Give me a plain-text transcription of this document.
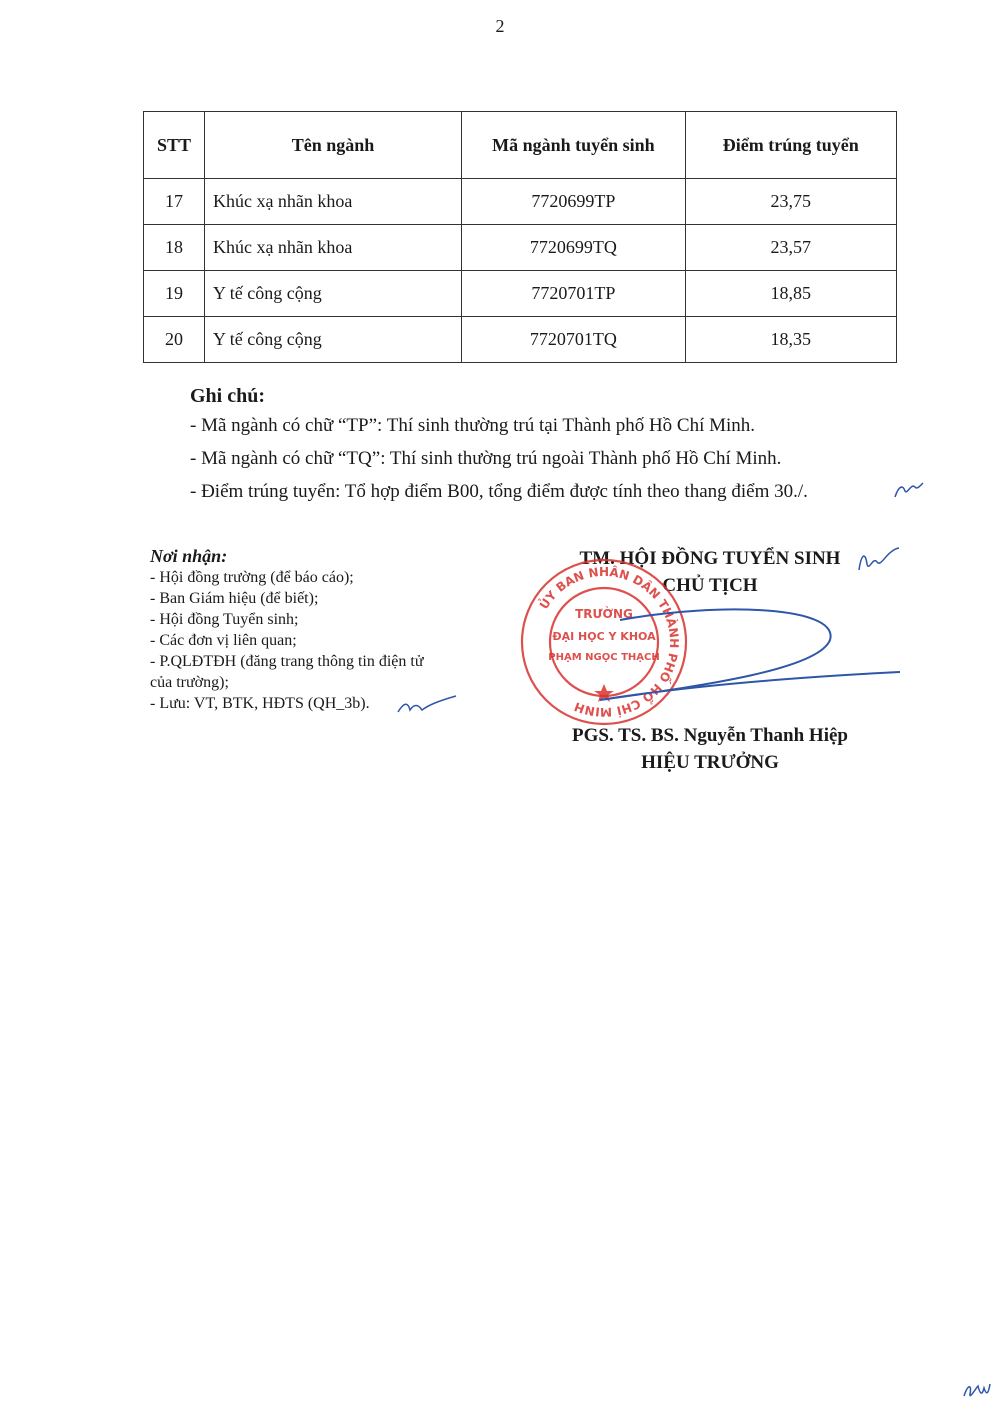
2
STT	Tên ngành	Mã ngành tuyển sinh	Điểm trúng tuyển
17	Khúc xạ nhãn khoa	7720699TP	23,75
18	Khúc xạ nhãn khoa	7720699TQ	23,57
19	Y tế công cộng	7720701TP	18,85
20	Y tế công cộng	7720701TQ	18,35
Ghi chú:
- Mã ngành có chữ “TP”: Thí sinh thường trú tại Thành phố Hồ Chí Minh.
- Mã ngành có chữ “TQ”: Thí sinh thường trú ngoài Thành phố Hồ Chí Minh.
- Điểm trúng tuyển: Tổ hợp điểm B00, tổng điểm được tính theo thang điểm 30./.
Nơi nhận:
- Hội đồng trường (để báo cáo);
- Ban Giám hiệu (để biết);
- Hội đồng Tuyển sinh;
- Các đơn vị liên quan;
- P.QLĐTĐH (đăng trang thông tin điện tử
của trường);
- Lưu: VT, BTK, HĐTS (QH_3b).
TM. HỘI ĐỒNG TUYỂN SINH
CHỦ TỊCH
ỦY BAN NHÂN DÂN THÀNH PHỐ HỒ CHÍ MINH
TRƯỜNG
ĐẠI HỌC Y KHOA
PHẠM NGỌC THẠCH
PGS. TS. BS. Nguyễn Thanh Hiệp
HIỆU TRƯỞNG
